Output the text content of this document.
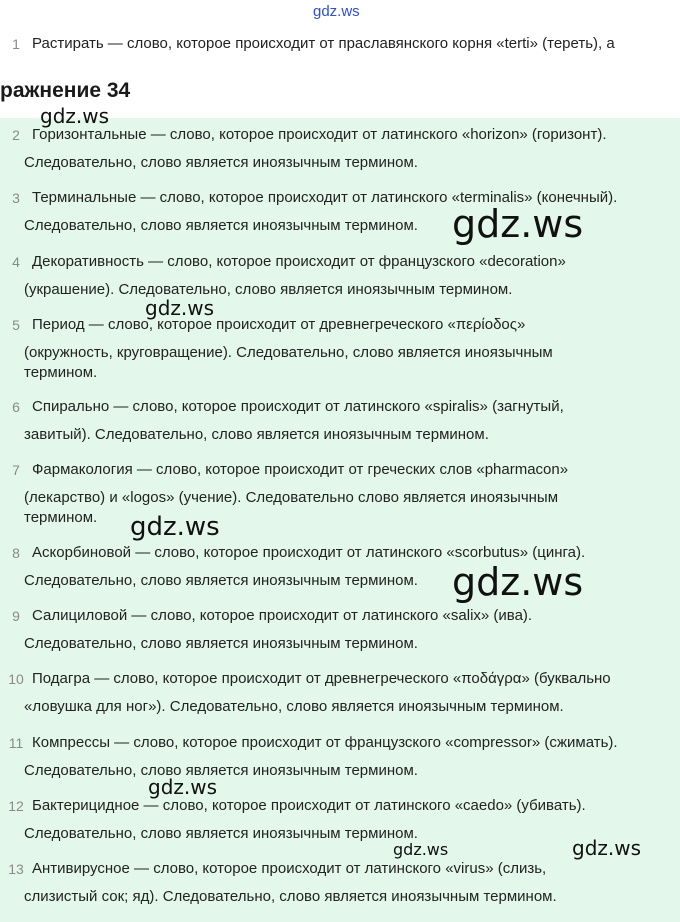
gdz.ws
ражнение 34
1 Растирать — слово, которое происходит от праславянского корня «terti» (тереть), а
2 Горизонтальные — слово, которое происходит от латинского «horizon» (горизонт).
Следовательно, слово является иноязычным термином.
3 Терминальные — слово, которое происходит от латинского «terminalis» (конечный).
Следовательно, слово является иноязычным термином.
4 Декоративность — слово, которое происходит от французского «decoration»
(украшение). Следовательно, слово является иноязычным термином.
5 Период — слово, которое происходит от древнегреческого «περίοδος»
(окружность, круговращение). Следовательно, слово является иноязычным
термином.
6 Спирально — слово, которое происходит от латинского «spiralis» (загнутый,
завитый). Следовательно, слово является иноязычным термином.
7 Фармакология — слово, которое происходит от греческих слов «pharmacon»
(лекарство) и «logos» (учение). Следовательно слово является иноязычным
термином.
8 Аскорбиновой — слово, которое происходит от латинского «scorbutus» (цинга).
Следовательно, слово является иноязычным термином.
9 Салициловой — слово, которое происходит от латинского «salix» (ива).
Следовательно, слово является иноязычным термином.
10 Подагра — слово, которое происходит от древнегреческого «ποδάγρα» (буквально
«ловушка для ног»). Следовательно, слово является иноязычным термином.
11 Компрессы — слово, которое происходит от французского «compressor» (сжимать).
Следовательно, слово является иноязычным термином.
12 Бактерицидное — слово, которое происходит от латинского «caedo» (убивать).
Следовательно, слово является иноязычным термином.
13 Антивирусное — слово, которое происходит от латинского «virus» (слизь,
слизистый сок; яд). Следовательно, слово является иноязычным термином.
gdz.ws
gdz.ws
gdz.ws
gdz.ws
gdz.ws
gdz.ws
gdz.ws	gdz.ws
